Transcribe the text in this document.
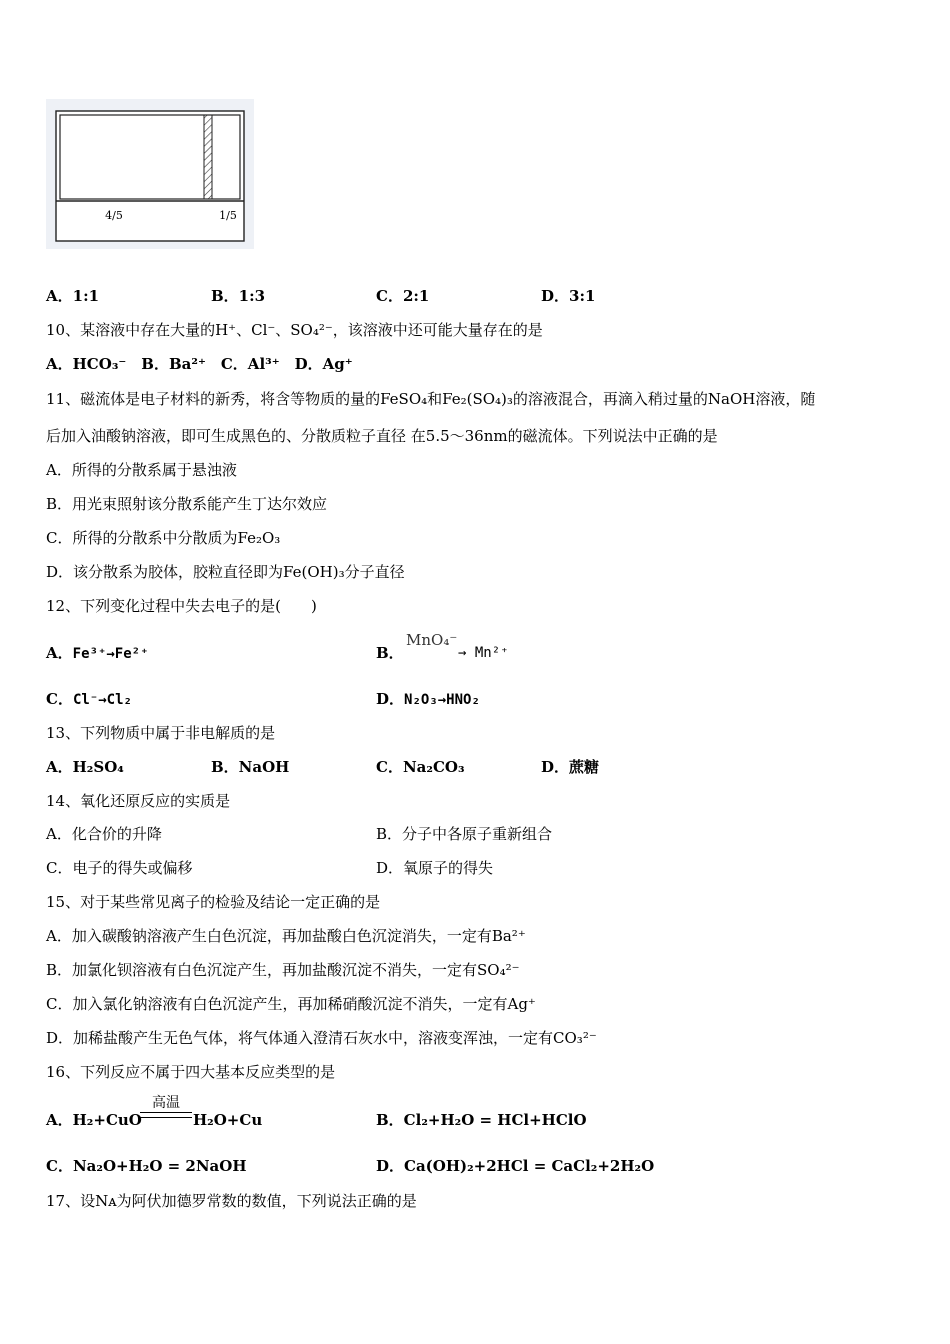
4/5	1/5
A．1:1	B．1:3	C．2:1	D．3:1
10、某溶液中存在大量的H⁺、Cl⁻、SO₄²⁻，该溶液中还可能大量存在的是
A．HCO₃⁻　B．Ba²⁺　C．Al³⁺　D．Ag⁺
11、磁流体是电子材料的新秀，将含等物质的量的FeSO₄和Fe₂(SO₄)₃的溶液混合，再滴入稍过量的NaOH溶液，随
后加入油酸钠溶液，即可生成黑色的、分散质粒子直径 在5.5～36nm的磁流体。下列说法中正确的是
A．所得的分散系属于悬浊液
B．用光束照射该分散系能产生丁达尔效应
C．所得的分散系中分散质为Fe₂O₃
D．该分散系为胶体，胶粒直径即为Fe(OH)₃分子直径
12、下列变化过程中失去电子的是(　　)
A．Fe³⁺→Fe²⁺	B．
MnO₄⁻
→ Mn²⁺
C．Cl⁻→Cl₂	D．N₂O₃→HNO₂
13、下列物质中属于非电解质的是
A．H₂SO₄	B．NaOH	C．Na₂CO₃	D．蔗糖
14、氧化还原反应的实质是
A．化合价的升降	B．分子中各原子重新组合
C．电子的得失或偏移	D．氧原子的得失
15、对于某些常见离子的检验及结论一定正确的是
A．加入碳酸钠溶液产生白色沉淀，再加盐酸白色沉淀消失，一定有Ba²⁺
B．加氯化钡溶液有白色沉淀产生，再加盐酸沉淀不消失，一定有SO₄²⁻
C．加入氯化钠溶液有白色沉淀产生，再加稀硝酸沉淀不消失，一定有Ag⁺
D．加稀盐酸产生无色气体，将气体通入澄清石灰水中，溶液变浑浊，一定有CO₃²⁻
16、下列反应不属于四大基本反应类型的是
A．H₂+CuO
高温
H₂O+Cu	B．Cl₂+H₂O = HCl+HClO
C．Na₂O+H₂O = 2NaOH	D．Ca(OH)₂+2HCl = CaCl₂+2H₂O
17、设Nᴀ为阿伏加德罗常数的数值，下列说法正确的是
